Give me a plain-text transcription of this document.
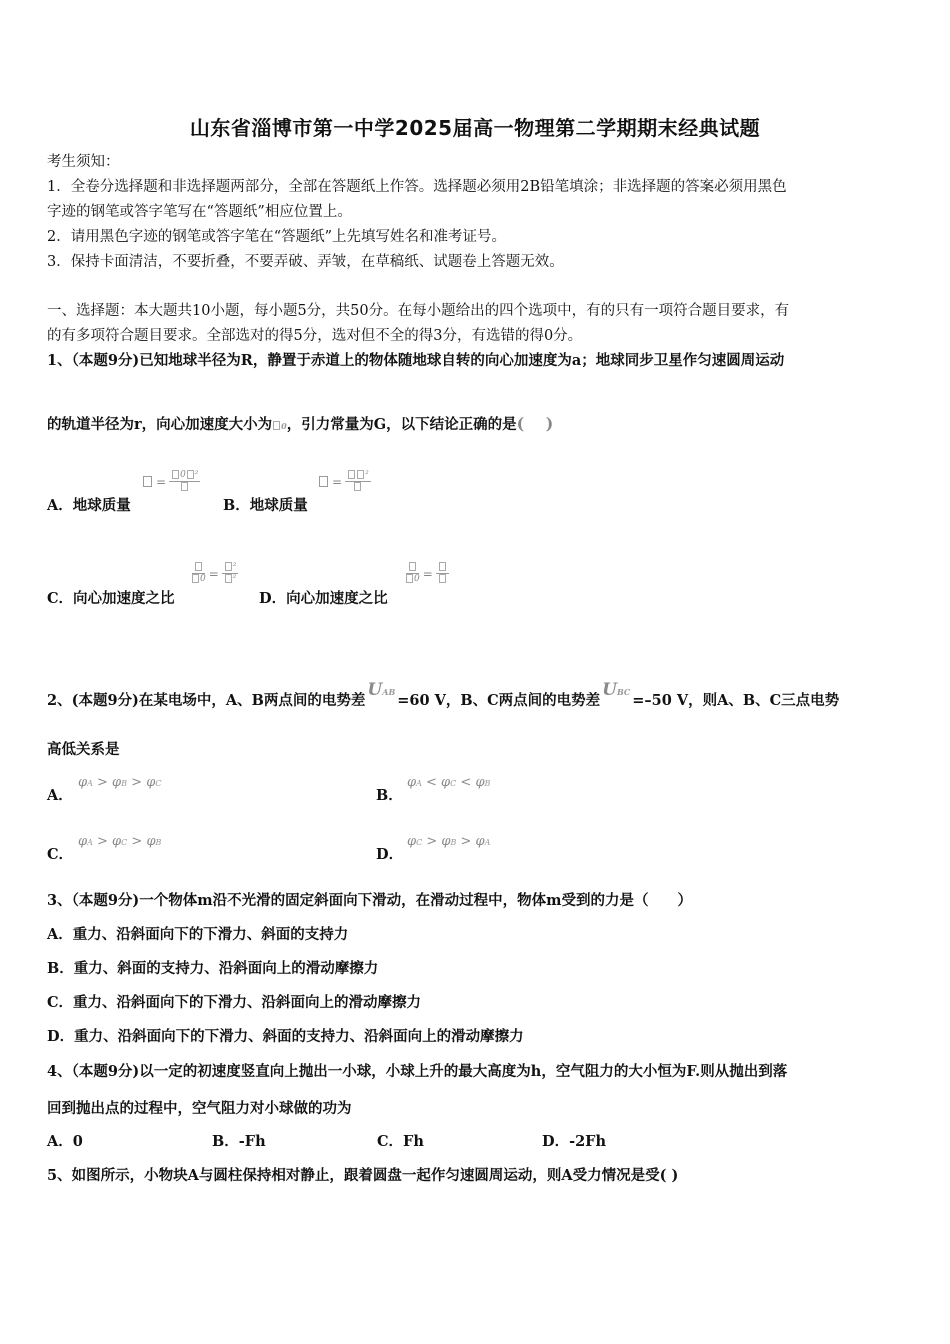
山东省淄博市第一中学2025届高一物理第二学期期末经典试题
考生须知：
1．全卷分选择题和非选择题两部分，全部在答题纸上作答。选择题必须用2B铅笔填涂；非选择题的答案必须用黑色
字迹的钢笔或答字笔写在“答题纸”相应位置上。
2．请用黑色字迹的钢笔或答字笔在“答题纸”上先填写姓名和准考证号。
3．保持卡面清洁，不要折叠，不要弄破、弄皱，在草稿纸、试题卷上答题无效。
一、选择题：本大题共10小题，每小题5分，共50分。在每小题给出的四个选项中，有的只有一项符合题目要求，有
的有多项符合题目要求。全部选对的得5分，选对但不全的得3分，有选错的得0分。
1、（本题9分)已知地球半径为R，静置于赤道上的物体随地球自转的向心加速度为a；地球同步卫星作匀速圆周运动
的轨道半径为r，向心加速度大小为 0，引力常量为G，以下结论正确的是(　 )
A．地球质量
=	0 ²
B．地球质量
=	²
C．向心加速度之比
$0 = \frac{\text{²}}{\text{²}}$
D．向心加速度之比
0 =
2、(本题9分)在某电场中，A、B两点间的电势差UAB =60 V，B、C两点间的电势差UBC =–50 V，则A、B、C三点电势
高低关系是
A．
φA > φB > φC
B．
φA < φC < φB
C．
φA > φC > φB
D．
φC > φB > φA
3、（本题9分)一个物体m沿不光滑的固定斜面向下滑动，在滑动过程中，物体m受到的力是（　　）
A．重力、沿斜面向下的下滑力、斜面的支持力
B．重力、斜面的支持力、沿斜面向上的滑动摩擦力
C．重力、沿斜面向下的下滑力、沿斜面向上的滑动摩擦力
D．重力、沿斜面向下的下滑力、斜面的支持力、沿斜面向上的滑动摩擦力
4、（本题9分)以一定的初速度竖直向上抛出一小球，小球上升的最大高度为h，空气阻力的大小恒为F.则从抛出到落
回到抛出点的过程中，空气阻力对小球做的功为
A．0	B．-Fh	C．Fh	D．-2Fh
5、如图所示，小物块A与圆柱保持相对静止，跟着圆盘一起作匀速圆周运动，则A受力情况是受( )
